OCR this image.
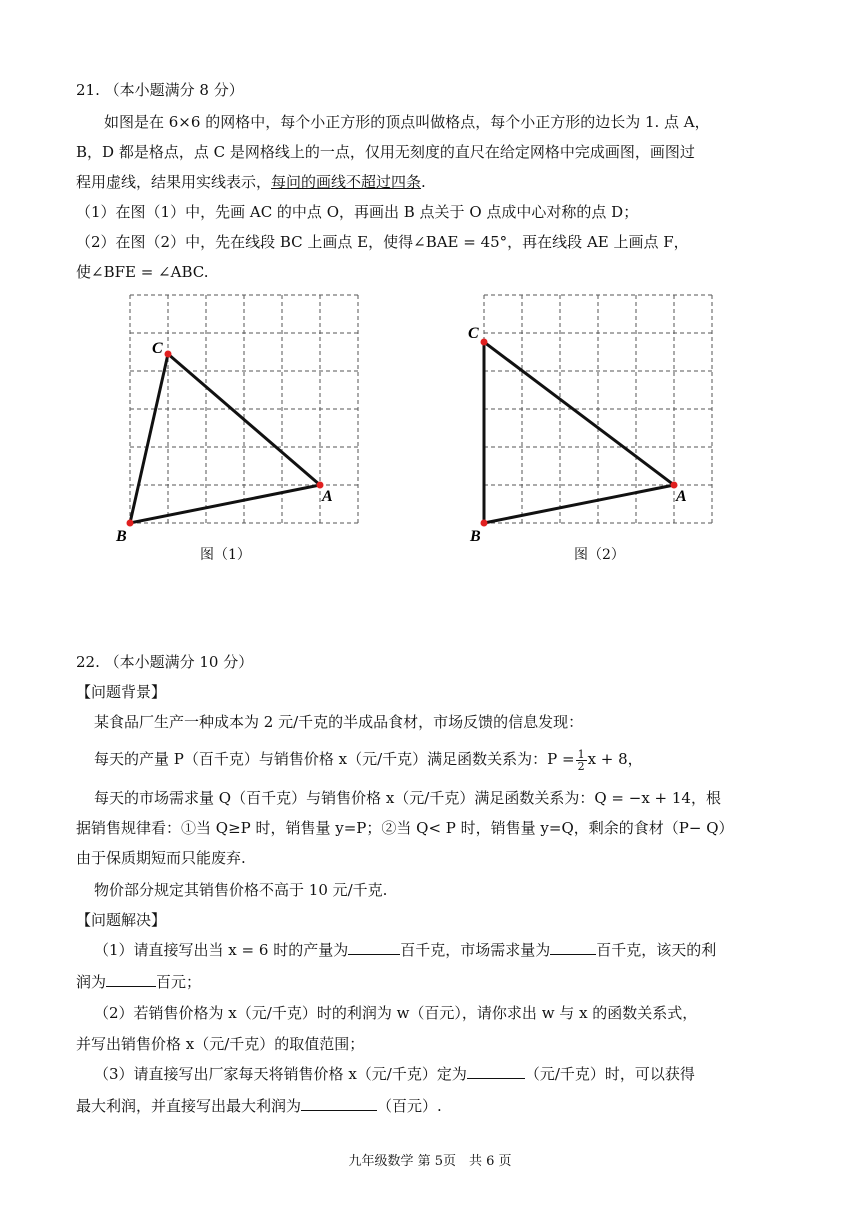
21. （本小题满分 8 分）
如图是在 6×6 的网格中，每个小正方形的顶点叫做格点，每个小正方形的边长为 1. 点 A，
B，D 都是格点，点 C 是网格线上的一点，仅用无刻度的直尺在给定网格中完成画图，画图过
程用虚线，结果用实线表示，每问的画线不超过四条.
（1）在图（1）中，先画 AC 的中点 O，再画出 B 点关于 O 点成中心对称的点 D；
（2）在图（2）中，先在线段 BC 上画点 E，使得∠BAE = 45°，再在线段 AE 上画点 F，
使∠BFE = ∠ABC.
C
A
B
图（1）
C
A
B
图（2）
22. （本小题满分 10 分）
【问题背景】
某食品厂生产一种成本为 2 元/千克的半成品食材，市场反馈的信息发现：
每天的产量 P（百千克）与销售价格 x（元/千克）满足函数关系为：$P = \frac{1}{2}$ x + 8，
每天的市场需求量 Q（百千克）与销售价格 x（元/千克）满足函数关系为：Q = −x + 14，根
据销售规律看：①当 Q≥P 时，销售量 y=P；②当 Q< P 时，销售量 y=Q，剩余的食材（P− Q）
由于保质期短而只能废弃.
物价部分规定其销售价格不高于 10 元/千克.
【问题解决】
（1）请直接写出当 x = 6 时的产量为	百千克，市场需求量为	百千克，该天的利
润为	百元；
（2）若销售价格为 x（元/千克）时的利润为 w（百元），请你求出 w 与 x 的函数关系式，
并写出销售价格 x（元/千克）的取值范围；
（3）请直接写出厂家每天将销售价格 x（元/千克）定为	（元/千克）时，可以获得
最大利润，并直接写出最大利润为	（百元）.
九年级数学 第 5页　共 6 页
